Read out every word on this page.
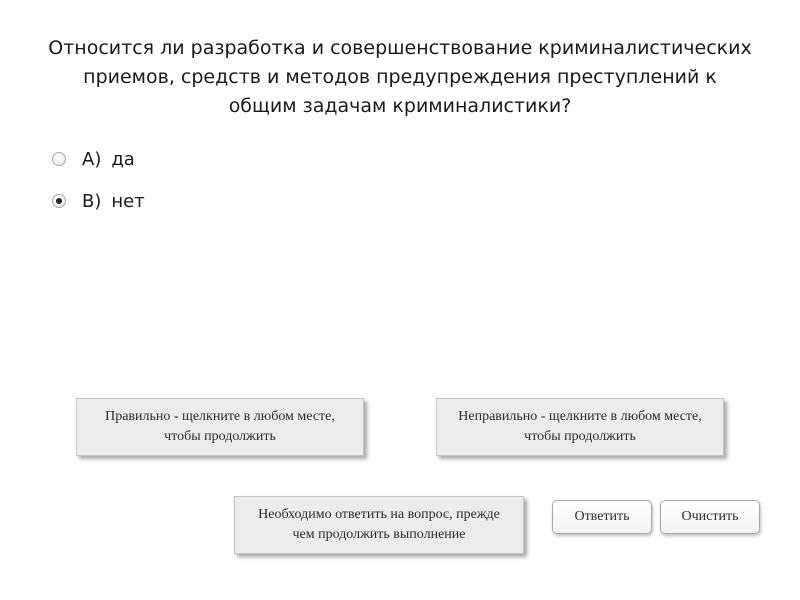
Относится ли разработка и совершенствование криминалистических
приемов, средств и методов предупреждения преступлений к
общим задачам криминалистики?
A) да
B) нет
Правильно - щелкните в любом месте,
чтобы продолжить
Неправильно - щелкните в любом месте,
чтобы продолжить
Необходимо ответить на вопрос, прежде
чем продолжить выполнение
Ответить	Очистить
